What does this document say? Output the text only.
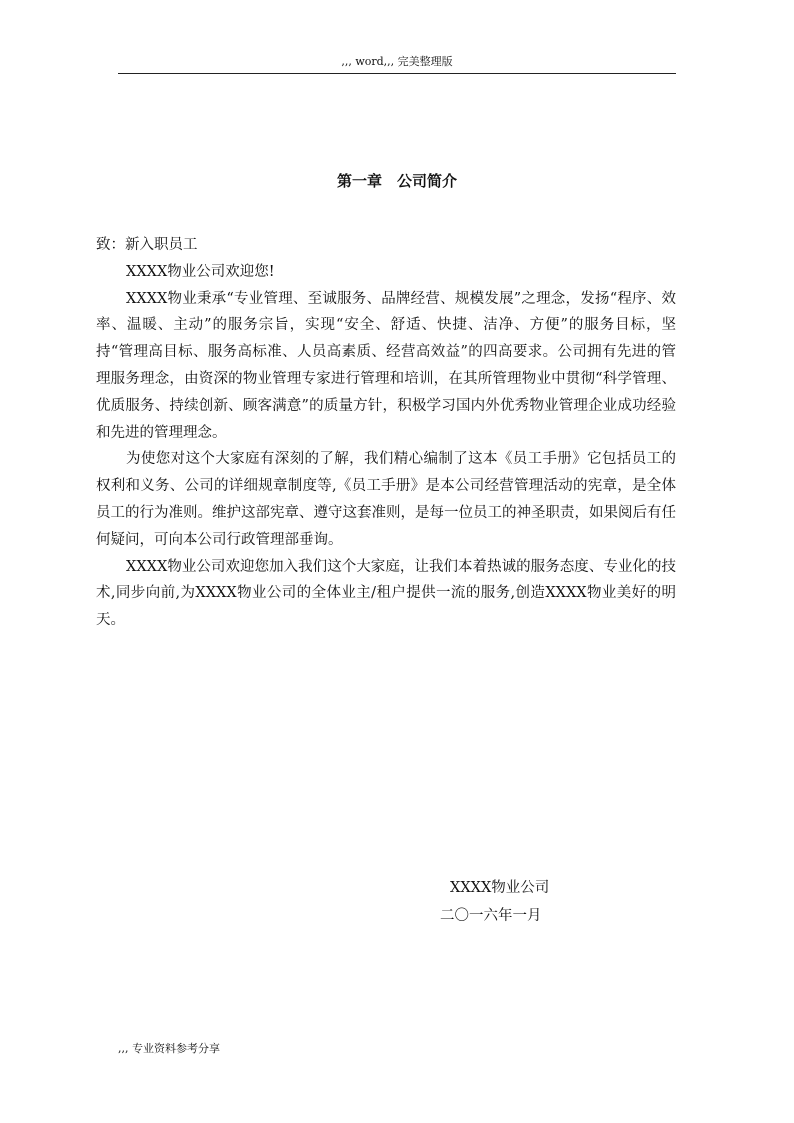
,,, word,,, 完美整理版
第一章　公司简介

致：新入职员工

XXXX物业公司欢迎您!

XXXX物业秉承“专业管理、至诚服务、品牌经营、规模发展”之理念，发扬“程序、效率、温暖、主动”的服务宗旨，实现“安全、舒适、快捷、洁净、方便”的服务目标，坚持“管理高目标、服务高标准、人员高素质、经营高效益”的四高要求。公司拥有先进的管理服务理念，由资深的物业管理专家进行管理和培训，在其所管理物业中贯彻“科学管理、优质服务、持续创新、顾客满意”的质量方针，积极学习国内外优秀物业管理企业成功经验和先进的管理理念。

为使您对这个大家庭有深刻的了解，我们精心编制了这本《员工手册》它包括员工的权利和义务、公司的详细规章制度等,《员工手册》是本公司经营管理活动的宪章，是全体员工的行为准则。维护这部宪章、遵守这套准则，是每一位员工的神圣职责，如果阅后有任何疑问，可向本公司行政管理部垂询。

XXXX物业公司欢迎您加入我们这个大家庭，让我们本着热诚的服务态度、专业化的技术,同步向前,为XXXX物业公司的全体业主/租户提供一流的服务,创造XXXX物业美好的明天。

XXXX物业公司
二〇一六年一月
,,, 专业资料参考分享
